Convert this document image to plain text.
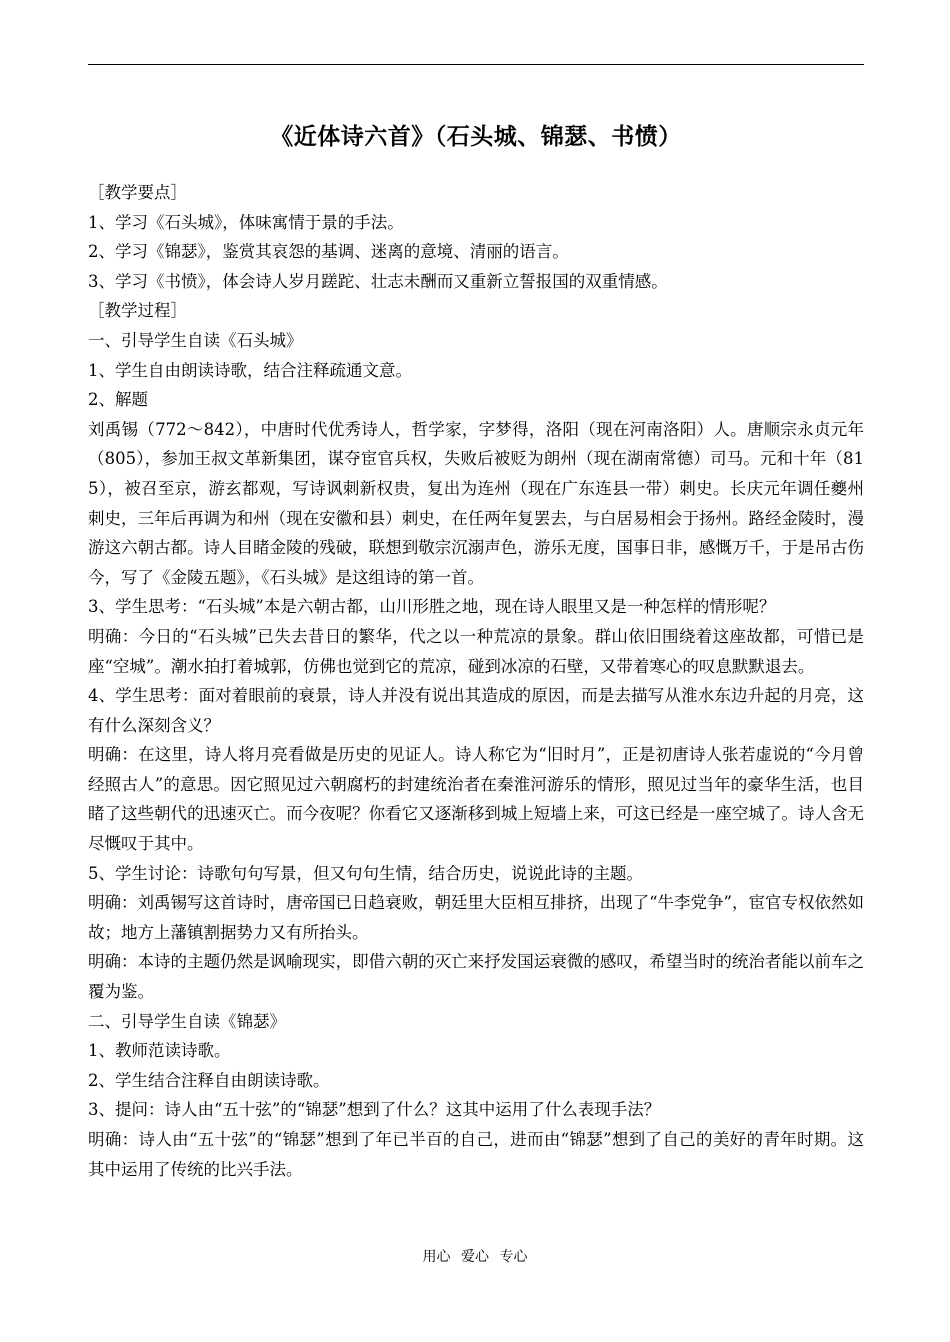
《近体诗六首》（石头城、锦瑟、书愤）

［教学要点］

1、学习《石头城》，体味寓情于景的手法。

2、学习《锦瑟》，鉴赏其哀怨的基调、迷离的意境、清丽的语言。

3、学习《书愤》，体会诗人岁月蹉跎、壮志未酬而又重新立誓报国的双重情感。

［教学过程］

一、引导学生自读《石头城》

1、学生自由朗读诗歌，结合注释疏通文意。

2、解题

刘禹锡（772～842），中唐时代优秀诗人，哲学家，字梦得，洛阳（现在河南洛阳）人。唐顺宗永贞元年（805），参加王叔文革新集团，谋夺宦官兵权，失败后被贬为朗州（现在湖南常德）司马。元和十年（815），被召至京，游玄都观，写诗讽刺新权贵，复出为连州（现在广东连县一带）刺史。长庆元年调任夔州刺史，三年后再调为和州（现在安徽和县）刺史，在任两年复罢去，与白居易相会于扬州。路经金陵时，漫游这六朝古都。诗人目睹金陵的残破，联想到敬宗沉溺声色，游乐无度，国事日非，感慨万千，于是吊古伤今，写了《金陵五题》，《石头城》是这组诗的第一首。

3、学生思考：“石头城”本是六朝古都，山川形胜之地，现在诗人眼里又是一种怎样的情形呢？

明确：今日的“石头城”已失去昔日的繁华，代之以一种荒凉的景象。群山依旧围绕着这座故都，可惜已是座“空城”。潮水拍打着城郭，仿佛也觉到它的荒凉，碰到冰凉的石壁，又带着寒心的叹息默默退去。

4、学生思考：面对着眼前的衰景，诗人并没有说出其造成的原因，而是去描写从淮水东边升起的月亮，这有什么深刻含义？

明确：在这里，诗人将月亮看做是历史的见证人。诗人称它为“旧时月”，正是初唐诗人张若虚说的“今月曾经照古人”的意思。因它照见过六朝腐朽的封建统治者在秦淮河游乐的情形，照见过当年的豪华生活，也目睹了这些朝代的迅速灭亡。而今夜呢？你看它又逐渐移到城上短墙上来，可这已经是一座空城了。诗人含无尽慨叹于其中。

5、学生讨论：诗歌句句写景，但又句句生情，结合历史，说说此诗的主题。

明确：刘禹锡写这首诗时，唐帝国已日趋衰败，朝廷里大臣相互排挤，出现了“牛李党争”，宦官专权依然如故；地方上藩镇割据势力又有所抬头。

明确：本诗的主题仍然是讽喻现实，即借六朝的灭亡来抒发国运衰微的感叹，希望当时的统治者能以前车之覆为鉴。

二、引导学生自读《锦瑟》

1、教师范读诗歌。

2、学生结合注释自由朗读诗歌。

3、提问：诗人由“五十弦”的“锦瑟”想到了什么？这其中运用了什么表现手法？

明确：诗人由“五十弦”的“锦瑟”想到了年已半百的自己，进而由“锦瑟”想到了自己的美好的青年时期。这其中运用了传统的比兴手法。

用心 爱心 专心
